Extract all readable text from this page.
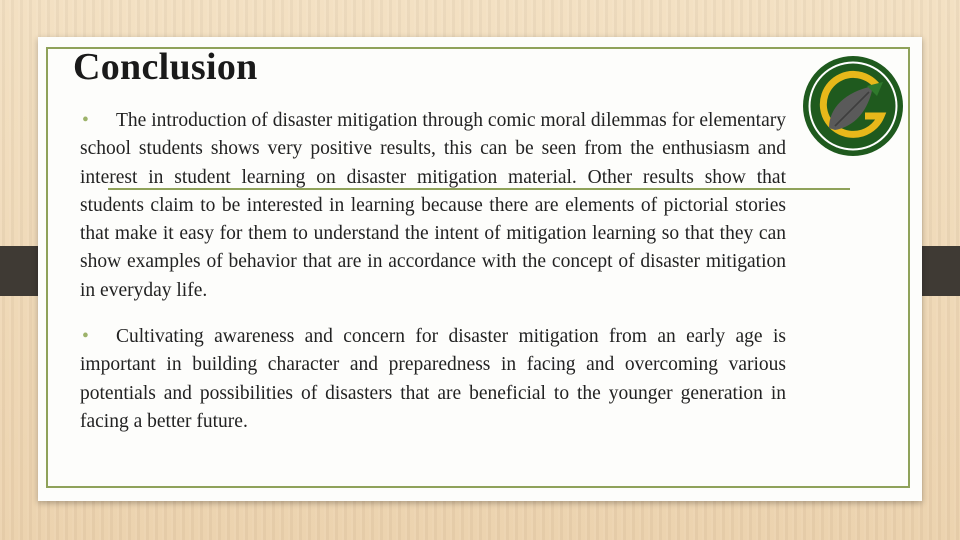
Conclusion

• The introduction of disaster mitigation through comic moral dilemmas for elementary school students shows very positive results, this can be seen from the enthusiasm and interest in student learning on disaster mitigation material. Other results show that students claim to be interested in learning because there are elements of pictorial stories that make it easy for them to understand the intent of mitigation learning so that they can show examples of behavior that are in accordance with the concept of disaster mitigation in everyday life.

• Cultivating awareness and concern for disaster mitigation from an early age is important in building character and preparedness in facing and overcoming various potentials and possibilities of disasters that are beneficial to the younger generation in facing a better future.
